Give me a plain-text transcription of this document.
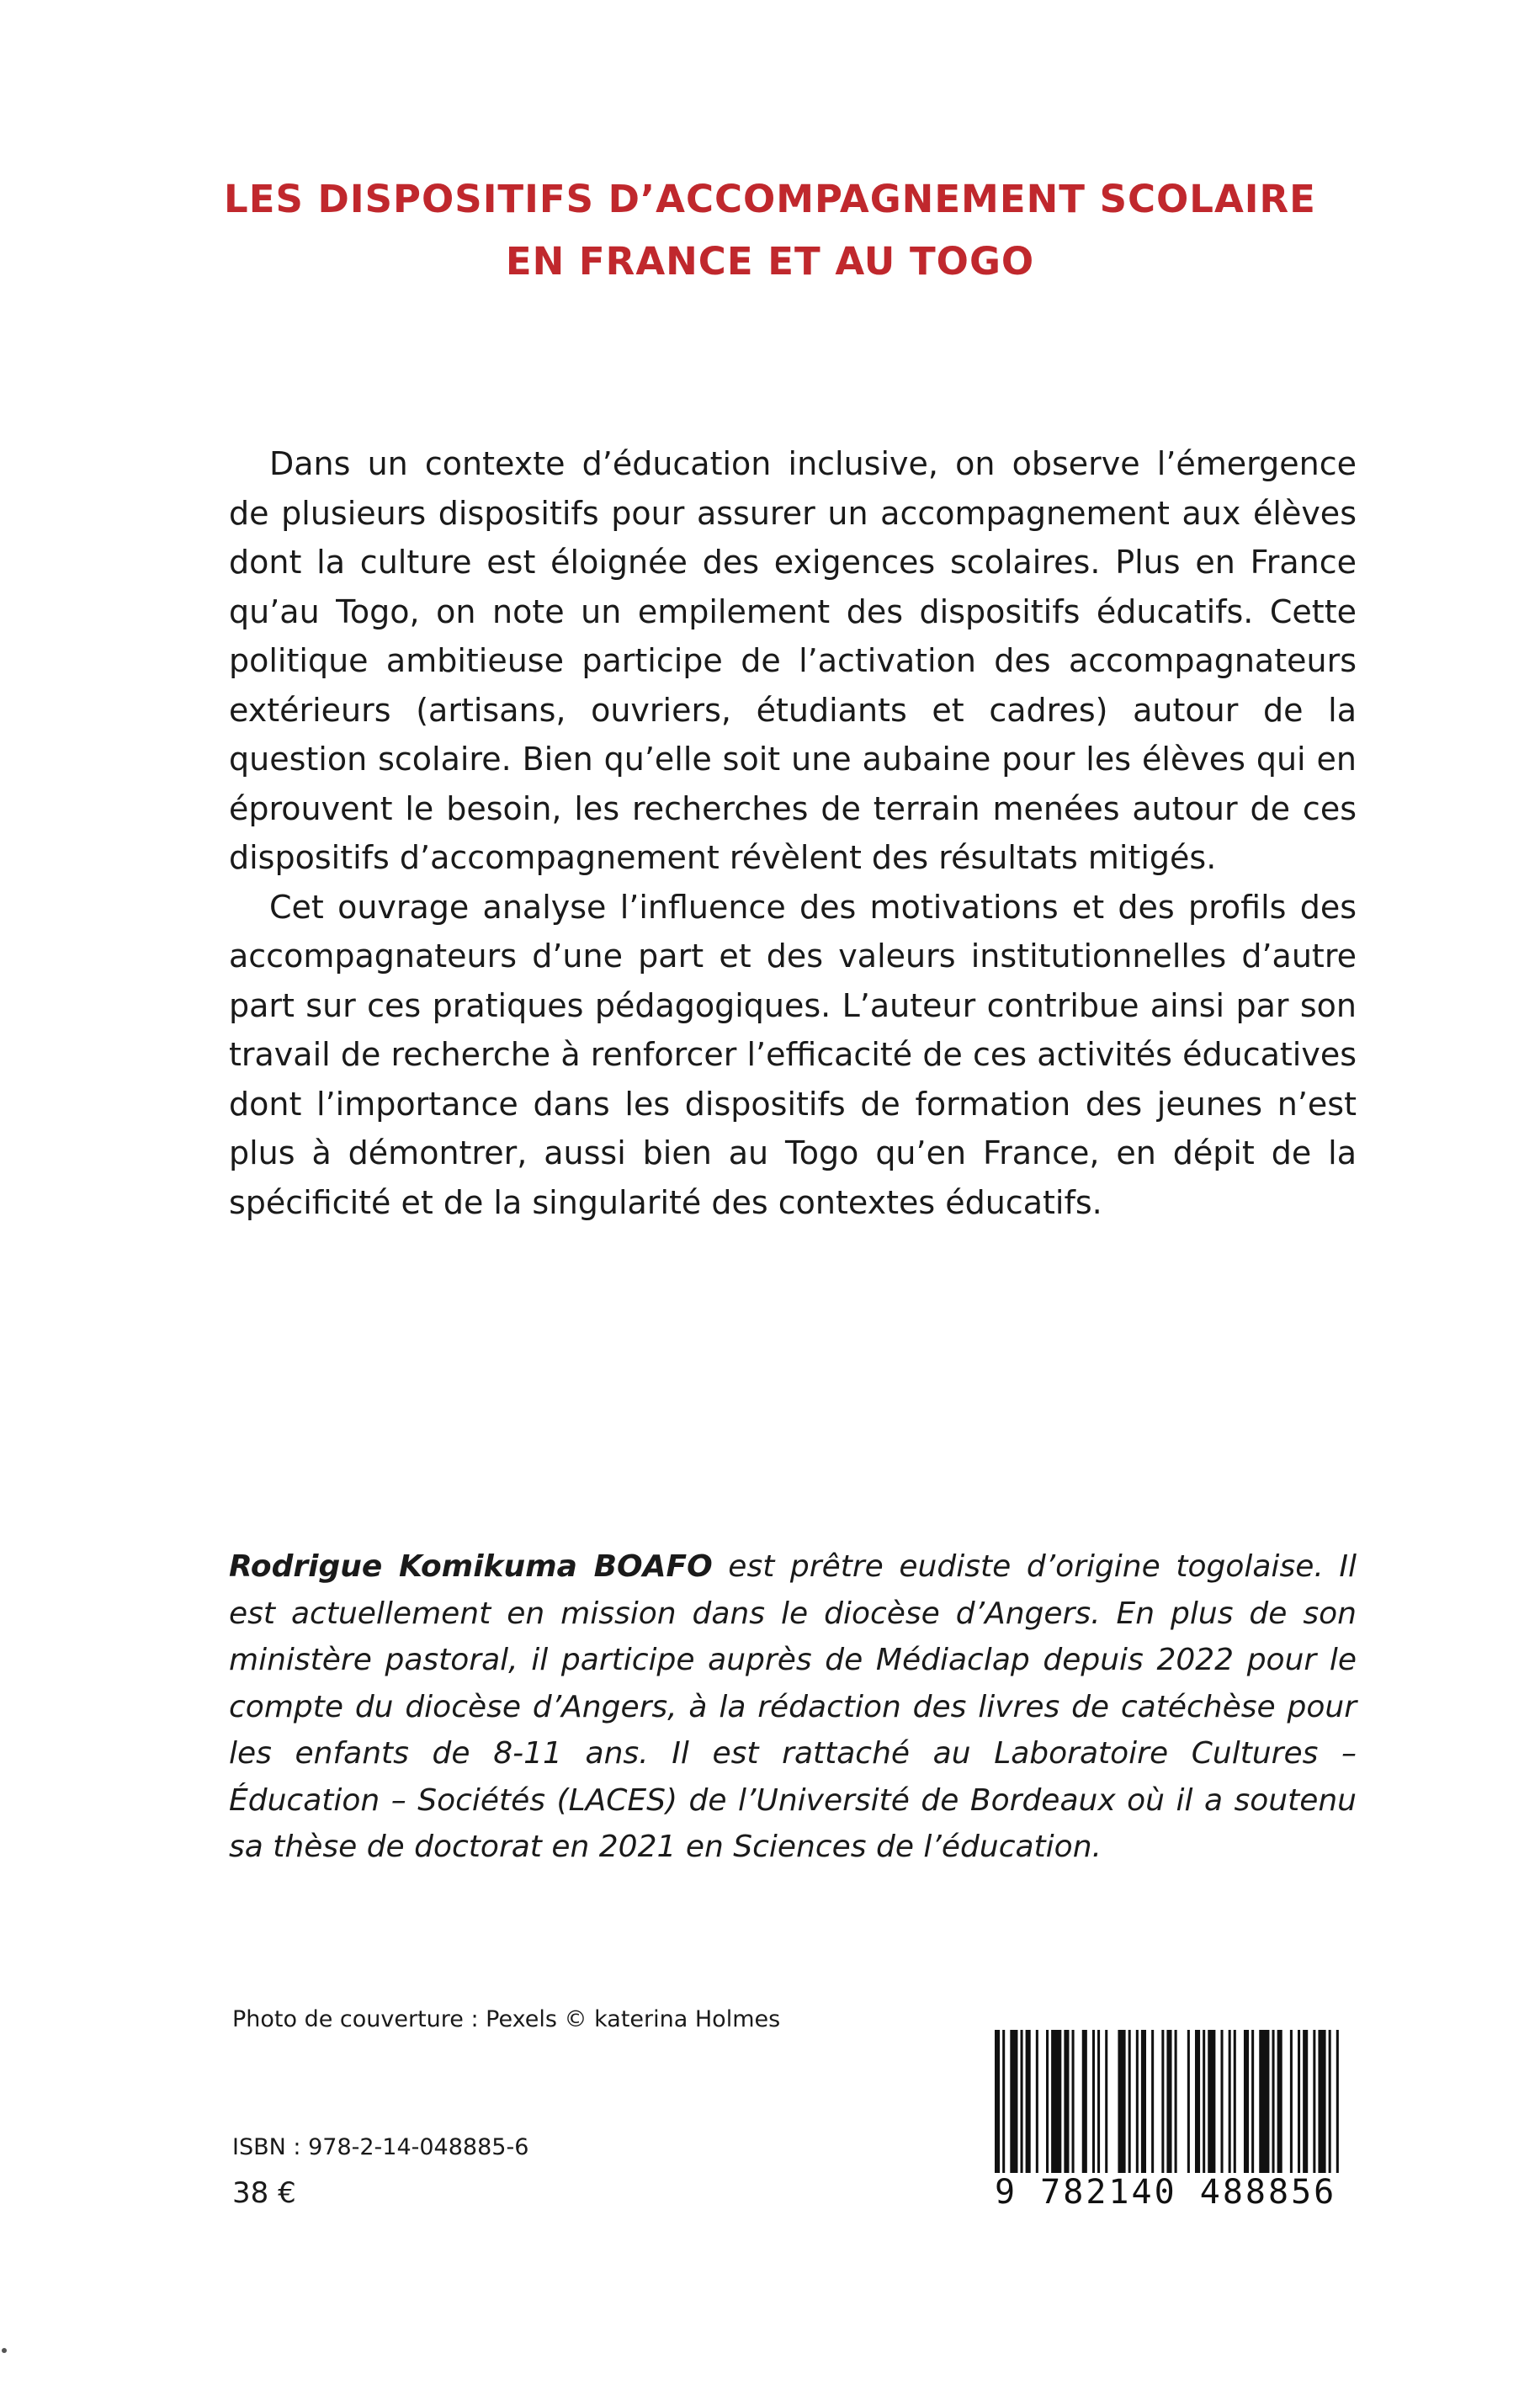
LES DISPOSITIFS D’ACCOMPAGNEMENT SCOLAIRE
EN FRANCE ET AU TOGO

Dans un contexte d’éducation inclusive, on observe l’émergence de plusieurs dispositifs pour assurer un accompagnement aux élèves dont la culture est éloignée des exigences scolaires. Plus en France qu’au Togo, on note un empilement des dispositifs éducatifs. Cette politique ambitieuse participe de l’activation des accompagnateurs extérieurs (artisans, ouvriers, étudiants et cadres) autour de la question scolaire. Bien qu’elle soit une aubaine pour les élèves qui en éprouvent le besoin, les recherches de terrain menées autour de ces dispositifs d’accompagnement révèlent des résultats mitigés.

Cet ouvrage analyse l’influence des motivations et des profils des accompagnateurs d’une part et des valeurs institutionnelles d’autre part sur ces pratiques pédagogiques. L’auteur contribue ainsi par son travail de recherche à renforcer l’efficacité de ces activités éducatives dont l’importance dans les dispositifs de formation des jeunes n’est plus à démontrer, aussi bien au Togo qu’en France, en dépit de la spécificité et de la singularité des contextes éducatifs.

Rodrigue Komikuma BOAFO est prêtre eudiste d’origine togolaise. Il est actuellement en mission dans le diocèse d’Angers. En plus de son ministère pastoral, il participe auprès de Médiaclap depuis 2022 pour le compte du diocèse d’Angers, à la rédaction des livres de catéchèse pour les enfants de 8-11 ans. Il est rattaché au Laboratoire Cultures – Éducation – Sociétés (LACES) de l’Université de Bordeaux où il a soutenu sa thèse de doctorat en 2021 en Sciences de l’éducation.

Photo de couverture : Pexels © katerina Holmes
ISBN : 978-2-14-048885-6
38 €	9 782140 488856
